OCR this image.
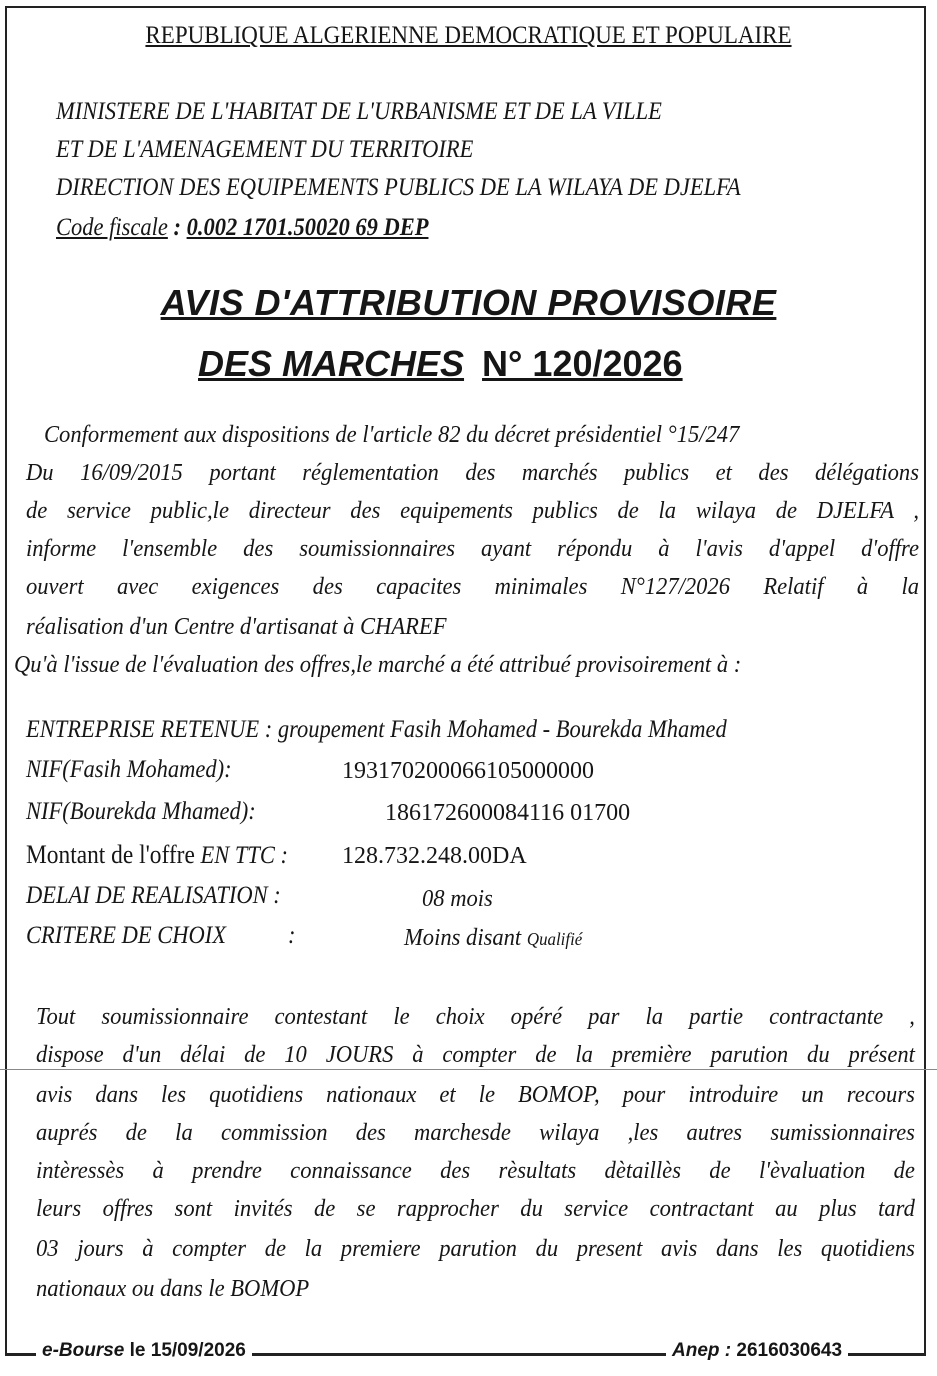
REPUBLIQUE ALGERIENNE DEMOCRATIQUE ET POPULAIRE
MINISTERE DE L'HABITAT DE L'URBANISME ET DE LA VILLE
ET DE L'AMENAGEMENT DU TERRITOIRE
DIRECTION DES EQUIPEMENTS PUBLICS DE LA WILAYA DE DJELFA
Code fiscale : 0.002 1701.50020 69 DEP
AVIS D'ATTRIBUTION PROVISOIRE
DES MARCHES N° 120/2026
Conformement aux dispositions de l'article 82 du décret présidentiel °15/247
Du 16/09/2015 portant réglementation des marchés publics et des délégations
de service public,le directeur des equipements publics de la wilaya de DJELFA ,
informe l'ensemble des soumissionnaires ayant répondu à l'avis d'appel d'offre
ouvert avec exigences des capacites minimales N°127/2026 Relatif à la
réalisation d'un Centre d'artisanat à CHAREF
Qu'à l'issue de l'évaluation des offres,le marché a été attribué provisoirement à :
ENTREPRISE RETENUE : groupement Fasih Mohamed - Bourekda Mhamed
NIF(Fasih Mohamed):	193170200066105000000
NIF(Bourekda Mhamed):	186172600084116 01700
Montant de l'offre EN TTC : 128.732.248.00DA
DELAI DE REALISATION :	08 mois
CRITERE DE CHOIX :	Moins disant Qualifié
Tout soumissionnaire contestant le choix opéré par la partie contractante ,
dispose d'un délai de 10 JOURS à compter de la première parution du présent
avis dans les quotidiens nationaux et le BOMOP, pour introduire un recours
auprés de la commission des marchesde wilaya ,les autres sumissionnaires
intèressès à prendre connaissance des rèsultats dètaillès de l'èvaluation de
leurs offres sont invités de se rapprocher du service contractant au plus tard
03 jours à compter de la premiere parution du present avis dans les quotidiens
nationaux ou dans le BOMOP
e-Bourse le 15/09/2026	Anep : 2616030643
